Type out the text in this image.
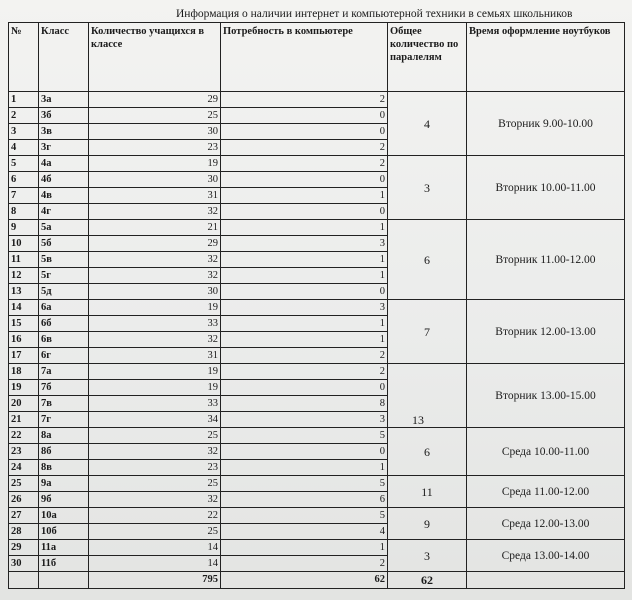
Информация о наличии интернет и компьютерной техники в семьях школьников
№	Класс	Количество учащихся в классе	Потребность в компьютере	Общее количество по паралелям	Время оформление ноутбуков
1	3а	29	2	4	Вторник 9.00-10.00
2	3б	25	0		
3	3в	30	0		
4	3г	23	2		
5	4а	19	2	3	Вторник 10.00-11.00
6	4б	30	0		
7	4в	31	1		
8	4г	32	0		
9	5а	21	1	6	Вторник 11.00-12.00
10	5б	29	3		
11	5в	32	1		
12	5г	32	1		
13	5д	30	0		
14	6а	19	3	7	Вторник 12.00-13.00
15	6б	33	1		
16	6в	32	1		
17	6г	31	2		
18	7а	19	2	13	Вторник 13.00-15.00
19	7б	19	0		
20	7в	33	8		
21	7г	34	3		
22	8а	25	5	6	Среда 10.00-11.00
23	8б	32	0		
24	8в	23	1		
25	9а	25	5	11	Среда 11.00-12.00
26	9б	32	6		
27	10а	22	5	9	Среда 12.00-13.00
28	10б	25	4		
29	11а	14	1	3	Среда 13.00-14.00
30	11б	14	2		
		795	62	62	
